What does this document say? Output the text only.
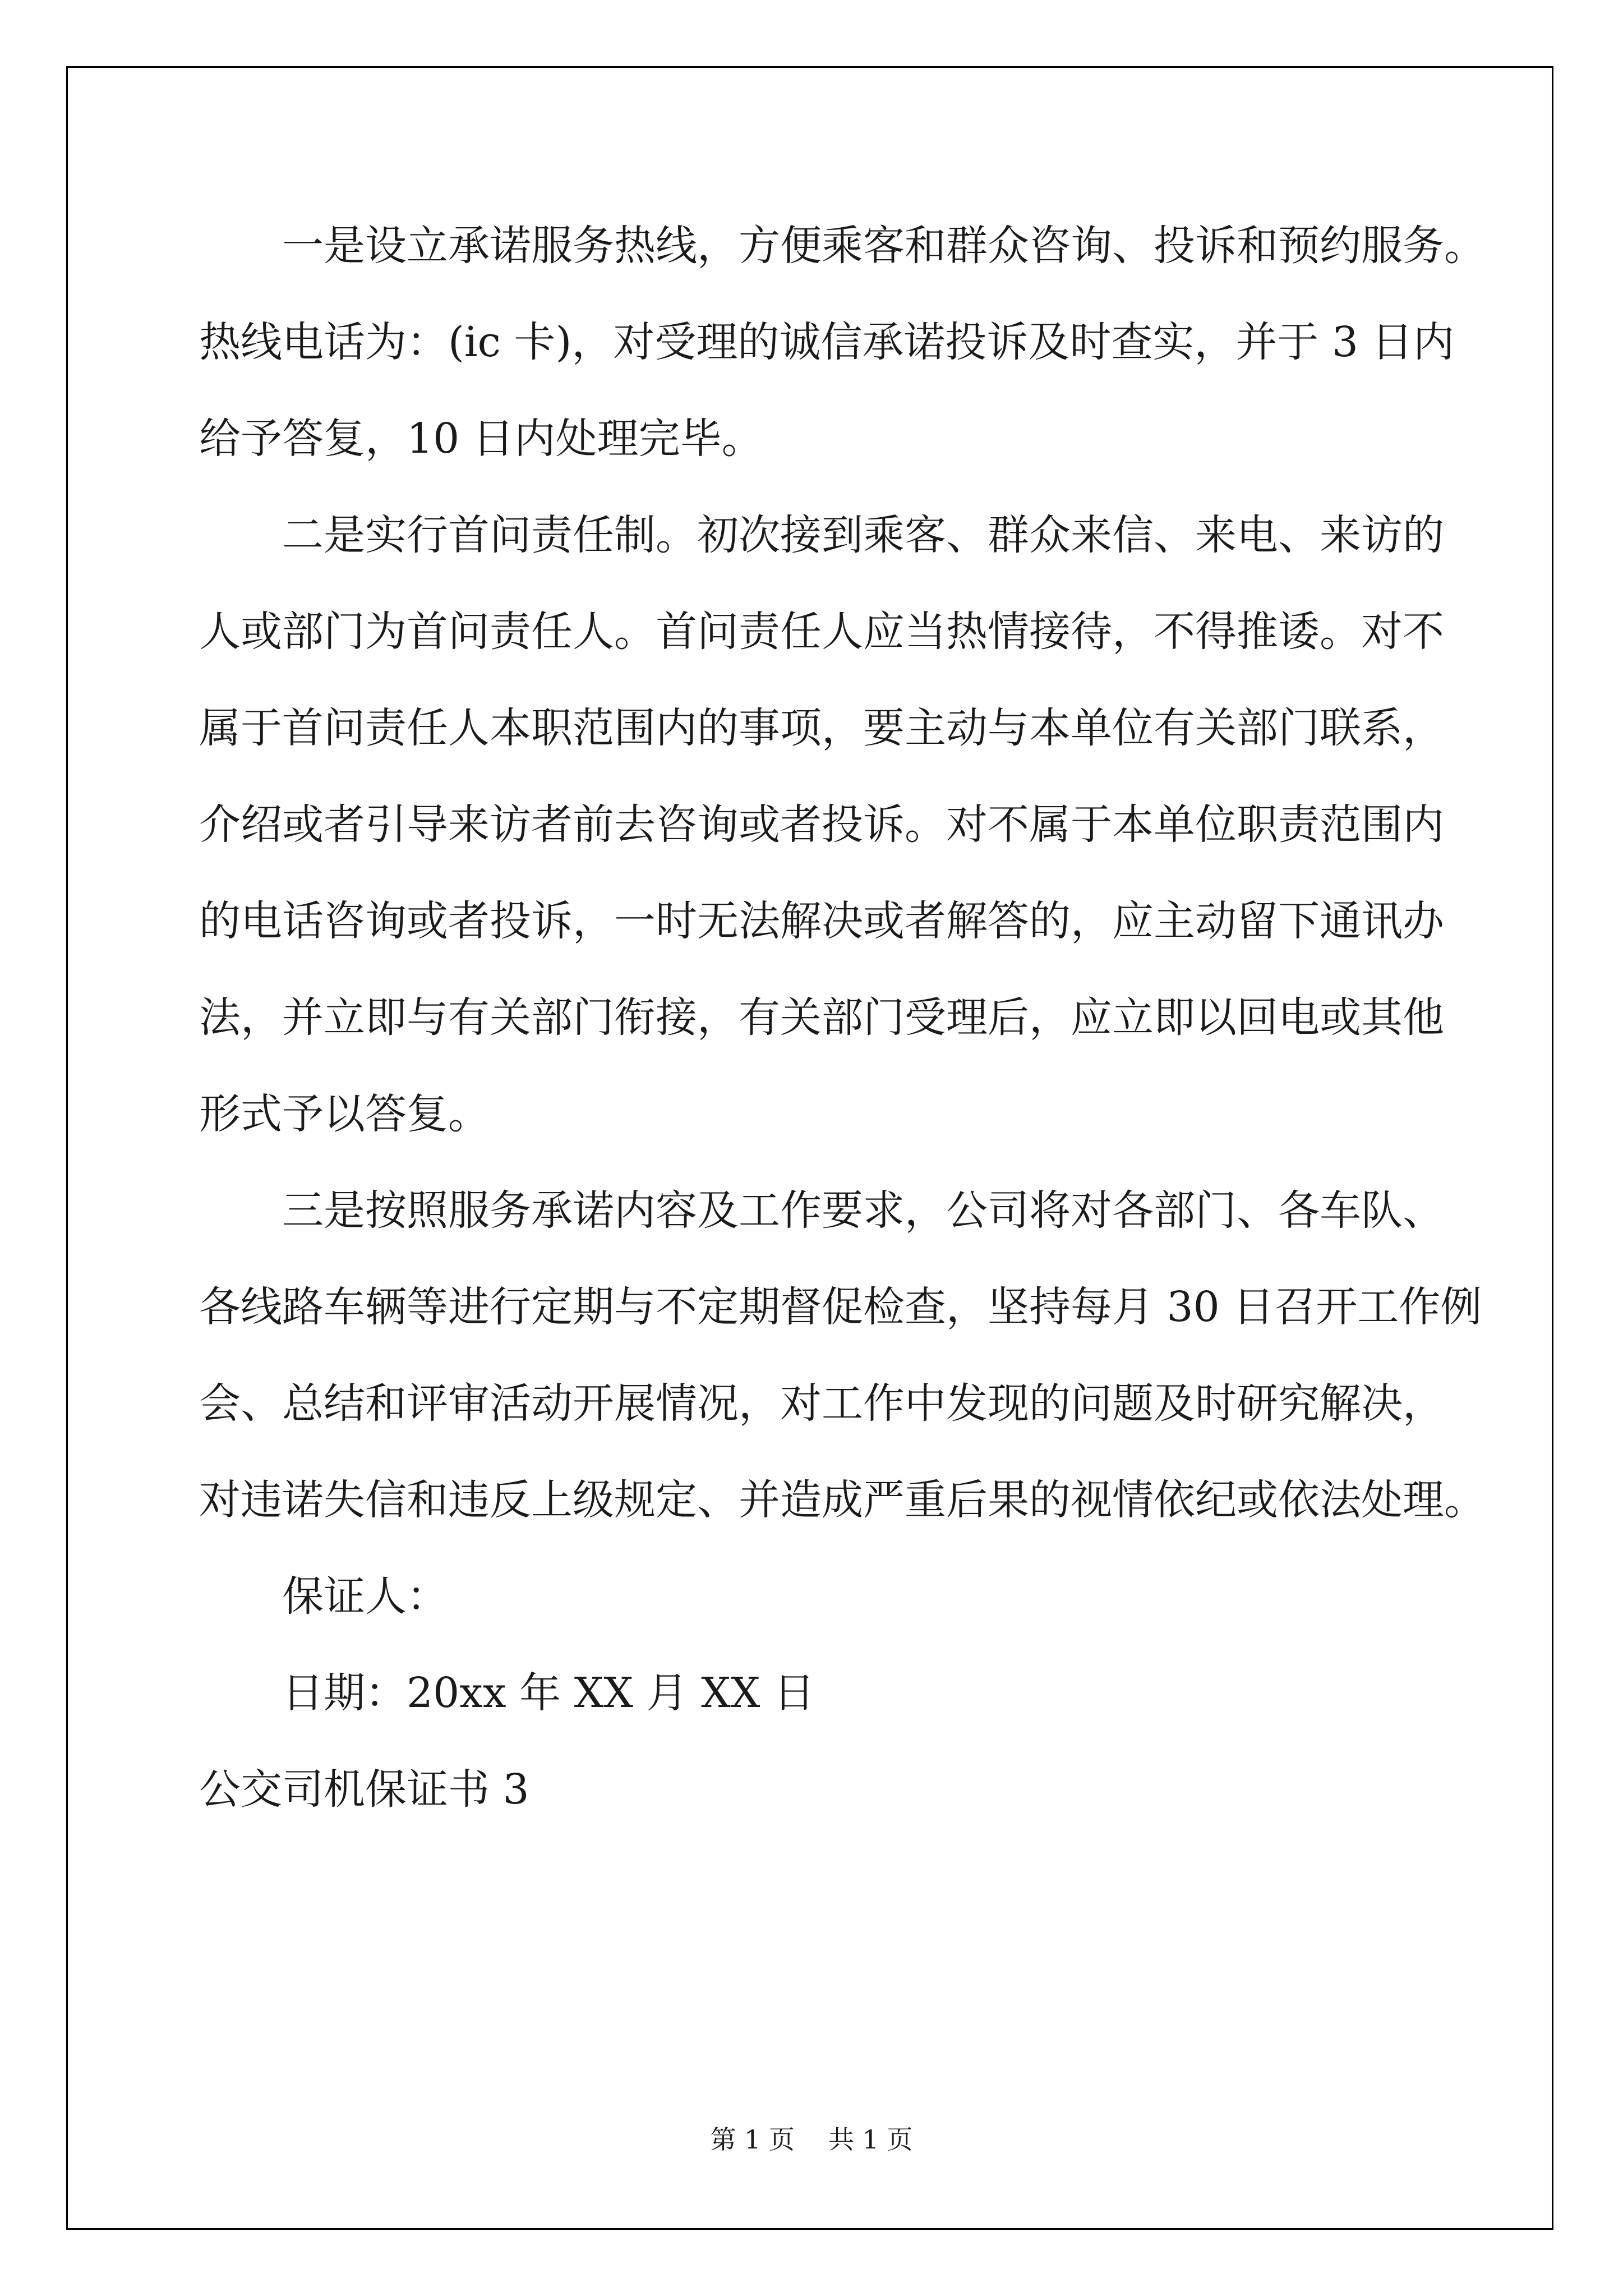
一是设立承诺服务热线，方便乘客和群众咨询、投诉和预约服务。
热线电话为：(ic 卡)，对受理的诚信承诺投诉及时查实，并于 3 日内
给予答复，10 日内处理完毕。
二是实行首问责任制。初次接到乘客、群众来信、来电、来访的
人或部门为首问责任人。首问责任人应当热情接待，不得推诿。对不
属于首问责任人本职范围内的事项，要主动与本单位有关部门联系，
介绍或者引导来访者前去咨询或者投诉。对不属于本单位职责范围内
的电话咨询或者投诉，一时无法解决或者解答的，应主动留下通讯办
法，并立即与有关部门衔接，有关部门受理后，应立即以回电或其他
形式予以答复。
三是按照服务承诺内容及工作要求，公司将对各部门、各车队、
各线路车辆等进行定期与不定期督促检查，坚持每月 30 日召开工作例
会、总结和评审活动开展情况，对工作中发现的问题及时研究解决，
对违诺失信和违反上级规定、并造成严重后果的视情依纪或依法处理。
保证人：
日期：20xx 年 XX 月 XX 日
公交司机保证书 3
第 1 页 共 1 页
